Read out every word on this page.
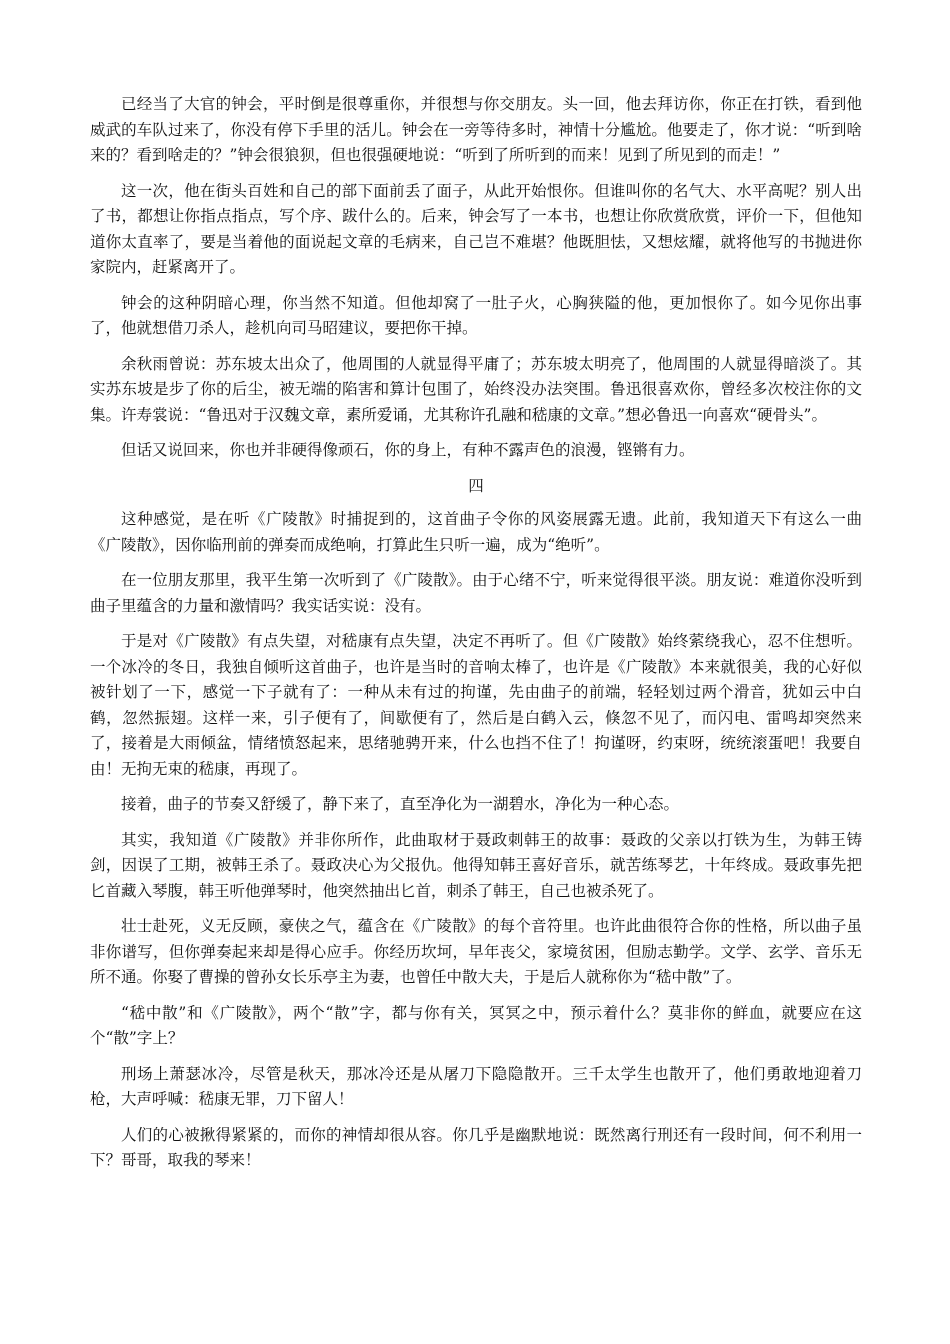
已经当了大官的钟会，平时倒是很尊重你，并很想与你交朋友。头一回，他去拜访你，你正在打铁，看到他威武的车队过来了，你没有停下手里的活儿。钟会在一旁等待多时，神情十分尴尬。他要走了，你才说：“听到啥来的？看到啥走的？”钟会很狼狈，但也很强硬地说：“听到了所听到的而来！见到了所见到的而走！”

这一次，他在街头百姓和自己的部下面前丢了面子，从此开始恨你。但谁叫你的名气大、水平高呢？别人出了书，都想让你指点指点，写个序、跋什么的。后来，钟会写了一本书，也想让你欣赏欣赏，评价一下，但他知道你太直率了，要是当着他的面说起文章的毛病来，自己岂不难堪？他既胆怯，又想炫耀，就将他写的书抛进你家院内，赶紧离开了。

钟会的这种阴暗心理，你当然不知道。但他却窝了一肚子火，心胸狭隘的他，更加恨你了。如今见你出事了，他就想借刀杀人，趁机向司马昭建议，要把你干掉。

余秋雨曾说：苏东坡太出众了，他周围的人就显得平庸了；苏东坡太明亮了，他周围的人就显得暗淡了。其实苏东坡是步了你的后尘，被无端的陷害和算计包围了，始终没办法突围。鲁迅很喜欢你，曾经多次校注你的文集。许寿裳说：“鲁迅对于汉魏文章，素所爱诵，尤其称许孔融和嵇康的文章。”想必鲁迅一向喜欢“硬骨头”。

但话又说回来，你也并非硬得像顽石，你的身上，有种不露声色的浪漫，铿锵有力。

四

这种感觉，是在听《广陵散》时捕捉到的，这首曲子令你的风姿展露无遗。此前，我知道天下有这么一曲《广陵散》，因你临刑前的弹奏而成绝响，打算此生只听一遍，成为“绝听”。

在一位朋友那里，我平生第一次听到了《广陵散》。由于心绪不宁，听来觉得很平淡。朋友说：难道你没听到曲子里蕴含的力量和激情吗？我实话实说：没有。

于是对《广陵散》有点失望，对嵇康有点失望，决定不再听了。但《广陵散》始终萦绕我心，忍不住想听。一个冰冷的冬日，我独自倾听这首曲子，也许是当时的音响太棒了，也许是《广陵散》本来就很美，我的心好似被针划了一下，感觉一下子就有了：一种从未有过的拘谨，先由曲子的前端，轻轻划过两个滑音，犹如云中白鹤，忽然振翅。这样一来，引子便有了，间歇便有了，然后是白鹤入云，倏忽不见了，而闪电、雷鸣却突然来了，接着是大雨倾盆，情绪愤怒起来，思绪驰骋开来，什么也挡不住了！拘谨呀，约束呀，统统滚蛋吧！我要自由！无拘无束的嵇康，再现了。

接着，曲子的节奏又舒缓了，静下来了，直至净化为一湖碧水，净化为一种心态。

其实，我知道《广陵散》并非你所作，此曲取材于聂政刺韩王的故事：聂政的父亲以打铁为生，为韩王铸剑，因误了工期，被韩王杀了。聂政决心为父报仇。他得知韩王喜好音乐，就苦练琴艺，十年终成。聂政事先把匕首藏入琴腹，韩王听他弹琴时，他突然抽出匕首，刺杀了韩王，自己也被杀死了。

壮士赴死，义无反顾，豪侠之气，蕴含在《广陵散》的每个音符里。也许此曲很符合你的性格，所以曲子虽非你谱写，但你弹奏起来却是得心应手。你经历坎坷，早年丧父，家境贫困，但励志勤学。文学、玄学、音乐无所不通。你娶了曹操的曾孙女长乐亭主为妻，也曾任中散大夫，于是后人就称你为“嵇中散”了。

“嵇中散”和《广陵散》，两个“散”字，都与你有关，冥冥之中，预示着什么？莫非你的鲜血，就要应在这个“散”字上？

刑场上萧瑟冰冷，尽管是秋天，那冰冷还是从屠刀下隐隐散开。三千太学生也散开了，他们勇敢地迎着刀枪，大声呼喊：嵇康无罪，刀下留人！

人们的心被揪得紧紧的，而你的神情却很从容。你几乎是幽默地说：既然离行刑还有一段时间，何不利用一下？哥哥，取我的琴来！
